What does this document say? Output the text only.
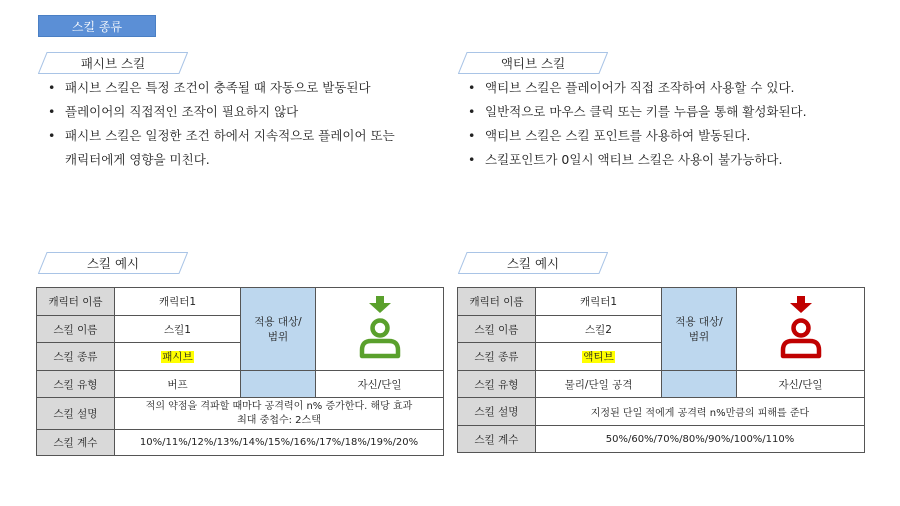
스킬 종류
패시브 스킬	액티브 스킬
• 패시브 스킬은 특정 조건이 충족될 때 자동으로 발동된다
• 플레이어의 직접적인 조작이 필요하지 않다
• 패시브 스킬은 일정한 조건 하에서 지속적으로 플레이어 또는
캐릭터에게 영향을 미친다.
• 액티브 스킬은 플레이어가 직접 조작하여 사용할 수 있다.
• 일반적으로 마우스 클릭 또는 키를 누름을 통해 활성화된다.
• 액티브 스킬은 스킬 포인트를 사용하여 발동된다.
• 스킬포인트가 0일시 액티브 스킬은 사용이 불가능하다.
스킬 예시	스킬 예시
캐릭터 이름	캐릭터1	적용 대상/
범위	
스킬 이름	스킬1		
스킬 종류	패시브		
스킬 유형	버프		자신/단일
스킬 설명	적의 약점을 격파할 때마다 공격력이 n% 증가한다. 해당 효과
최대 중첩수: 2스택		

스킬 계수	10%/11%/12%/13%/14%/15%/16%/17%/18%/19%/20%		
캐릭터 이름	캐릭터1	적용 대상/
범위	
스킬 이름	스킬2		
스킬 종류	액티브		
스킬 유형	물리/단일 공격		자신/단일
스킬 설명	지정된 단일 적에게 공격력 n%만큼의 피해를 준다		
스킬 계수	50%/60%/70%/80%/90%/100%/110%		
